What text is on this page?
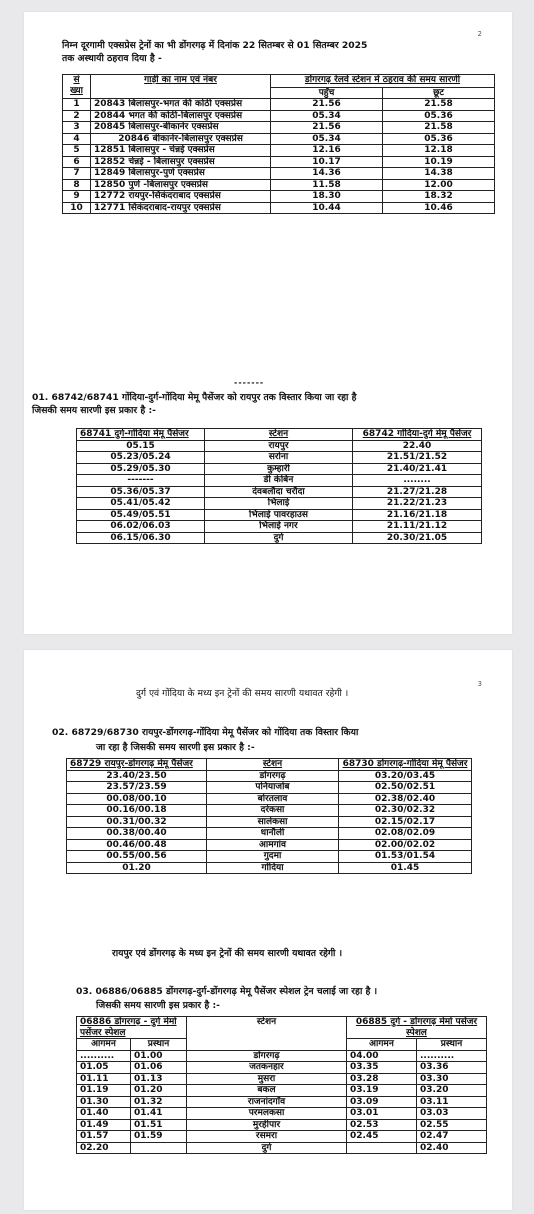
2
निम्न दूरगामी एक्सप्रेस ट्रेनों का भी डोंगरगढ़ में दिनांक 22 सितम्बर से 01 सितम्बर 2025
तक अस्थायी ठहराव दिया है -
सं ख्या	गाड़ी का नाम एवं नंबर	डोंगरगढ़ रेलवे स्टेशन में ठहराव की समय सारणी	
		पहुँच	छूट
1	20843 बिलासपुर-भगत की कोठी एक्सप्रेस	21.56	21.58
2	20844 भगत की कोठी-बिलासपुर एक्सप्रेस	05.34	05.36
3	20845 बिलासपुर-बीकानेर एक्सप्रेस	21.56	21.58
4	20846 बीकानेर-बिलासपुर एक्सप्रेस	05.34	05.36
5	12851 बिलासपुर - चेन्नई एक्सप्रेस	12.16	12.18
6	12852 चेन्नई - बिलासपुर एक्सप्रेस	10.17	10.19
7	12849 बिलासपुर-पुणे एक्सप्रेस	14.36	14.38
8	12850 पुणे -बिलासपुर एक्सप्रेस	11.58	12.00
9	12772 रायपुर-सिकंदराबाद एक्सप्रेस	18.30	18.32
10	12771 सिकंदराबाद-रायपुर एक्सप्रेस	10.44	10.46
-------
01. 68742/68741 गोंदिया-दुर्ग-गोंदिया मेमू पैसेंजर को रायपुर तक विस्तार किया जा रहा है
जिसकी समय सारणी इस प्रकार है :-
68741 दुर्ग-गोंदिया मेमू पैसेंजर	स्टेशन	68742 गोंदिया-दुर्ग मेमू पैसेंजर
05.15	रायपुर	22.40
05.23/05.24	सरोना	21.51/21.52
05.29/05.30	कुम्हारी	21.40/21.41
-------	डी केबिन	........
05.36/05.37	देवबलौदा चरौदा	21.27/21.28
05.41/05.42	भिलाई	21.22/21.23
05.49/05.51	भिलाई पावरहाउस	21.16/21.18
06.02/06.03	भिलाई नगर	21.11/21.12
06.15/06.30	दुर्ग	20.30/21.05
3
दुर्ग एवं गोंदिया के मध्य इन ट्रेनों की समय सारणी यथावत रहेगी ।
02. 68729/68730 रायपुर-डोंगरगढ़-गोंदिया मेमू पैसेंजर को गोंदिया तक विस्तार किया
जा रहा है जिसकी समय सारणी इस प्रकार है :-
68729 रायपुर-डोंगरगढ़ मेमू पैसेंजर	स्टेशन	68730 डोंगरगढ़-गोंदिया मेमू पैसेंजर
23.40/23.50	डोंगरगढ़	03.20/03.45
23.57/23.59	पनियाजोब	02.50/02.51
00.08/00.10	बोरतलाव	02.38/02.40
00.16/00.18	दरेकसा	02.30/02.32
00.31/00.32	सालेकसा	02.15/02.17
00.38/00.40	धानौली	02.08/02.09
00.46/00.48	आमगांव	02.00/02.02
00.55/00.56	गुदमा	01.53/01.54
01.20	गोंदिया	01.45
रायपुर एवं डोंगरगढ़ के मध्य इन ट्रेनों की समय सारणी यथावत रहेगी ।
03. 06886/06885 डोंगरगढ़-दुर्ग-डोंगरगढ़ मेमू पैसेंजर स्पेशल ट्रेन चलाई जा रहा है ।
जिसकी समय सारणी इस प्रकार है :-
06886 डोंगरगढ़ - दुर्ग मेमो पसेंजर स्पेशल		स्टेशन	06885 दुर्ग - डोंगरगढ़ मेमो पसेंजर स्पेशल	
आगमन	प्रस्थान		आगमन	प्रस्थान
..........	01.00	डोंगरगढ़	04.00	..........
01.05	01.06	जतकनहार	03.35	03.36
01.11	01.13	मुसरा	03.28	03.30
01.19	01.20	बकल	03.19	03.20
01.30	01.32	राजनांदगाँव	03.09	03.11
01.40	01.41	परमलकसा	03.01	03.03
01.49	01.51	मुरहीपार	02.53	02.55
01.57	01.59	रसमरा	02.45	02.47
02.20		दुर्ग		02.40
